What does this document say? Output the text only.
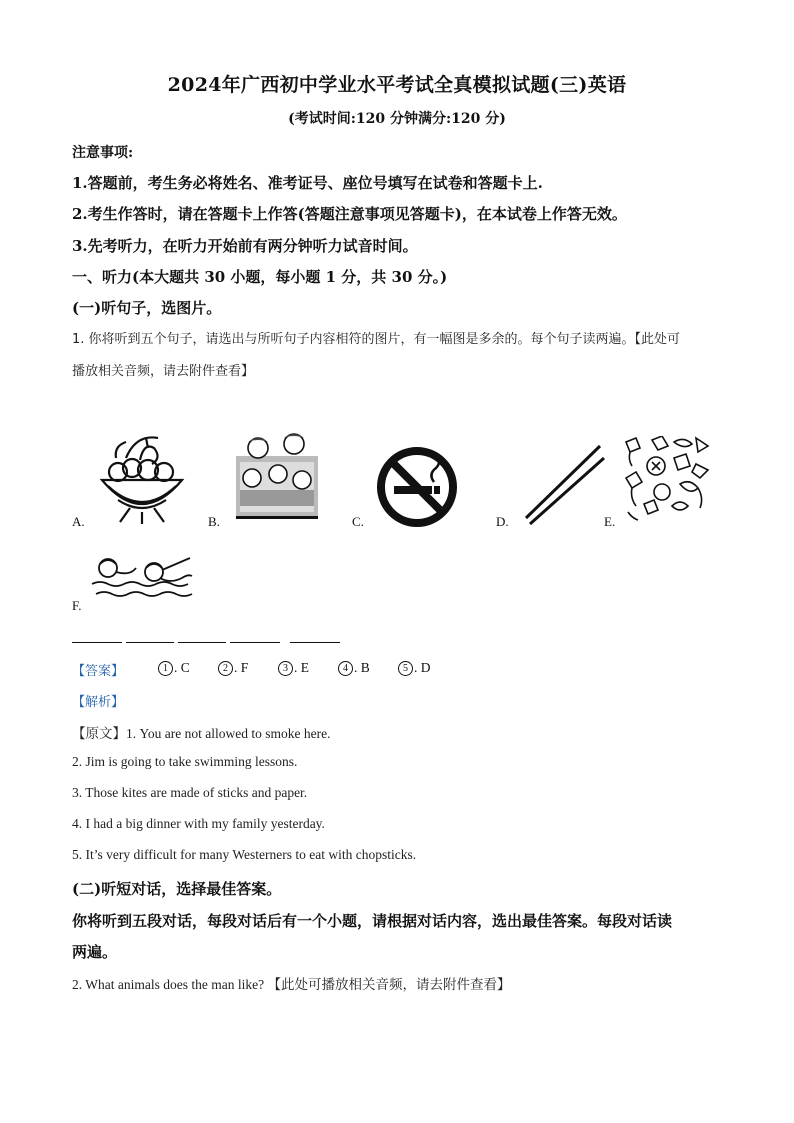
2024年广西初中学业水平考试全真模拟试题(三)英语
(考试时间:120 分钟满分:120 分)
注意事项:
1.答题前，考生务必将姓名、准考证号、座位号填写在试卷和答题卡上.
2.考生作答时，请在答题卡上作答(答题注意事项见答题卡)，在本试卷上作答无效。
3.先考听力，在听力开始前有两分钟听力试音时间。
一、听力(本大题共 30 小题，每小题 1 分，共 30 分。)
(一)听句子，选图片。
1. 你将听到五个句子，请选出与所听句子内容相符的图片，有一幅图是多余的。每个句子读两遍。【此处可
播放相关音频，请去附件查看】
A.	B.	C.	D.	E.
F.
【答案】	1 . C	2 . F	3 . E	4 . B	5 . D
【解析】
【原文】1. You are not allowed to smoke here.
2. Jim is going to take swimming lessons.
3. Those kites are made of sticks and paper.
4. I had a big dinner with my family yesterday.
5. It’s very difficult for many Westerners to eat with chopsticks.
(二)听短对话，选择最佳答案。
你将听到五段对话，每段对话后有一个小题，请根据对话内容，选出最佳答案。每段对话读
两遍。
2. What animals does the man like? 【此处可播放相关音频，请去附件查看】
